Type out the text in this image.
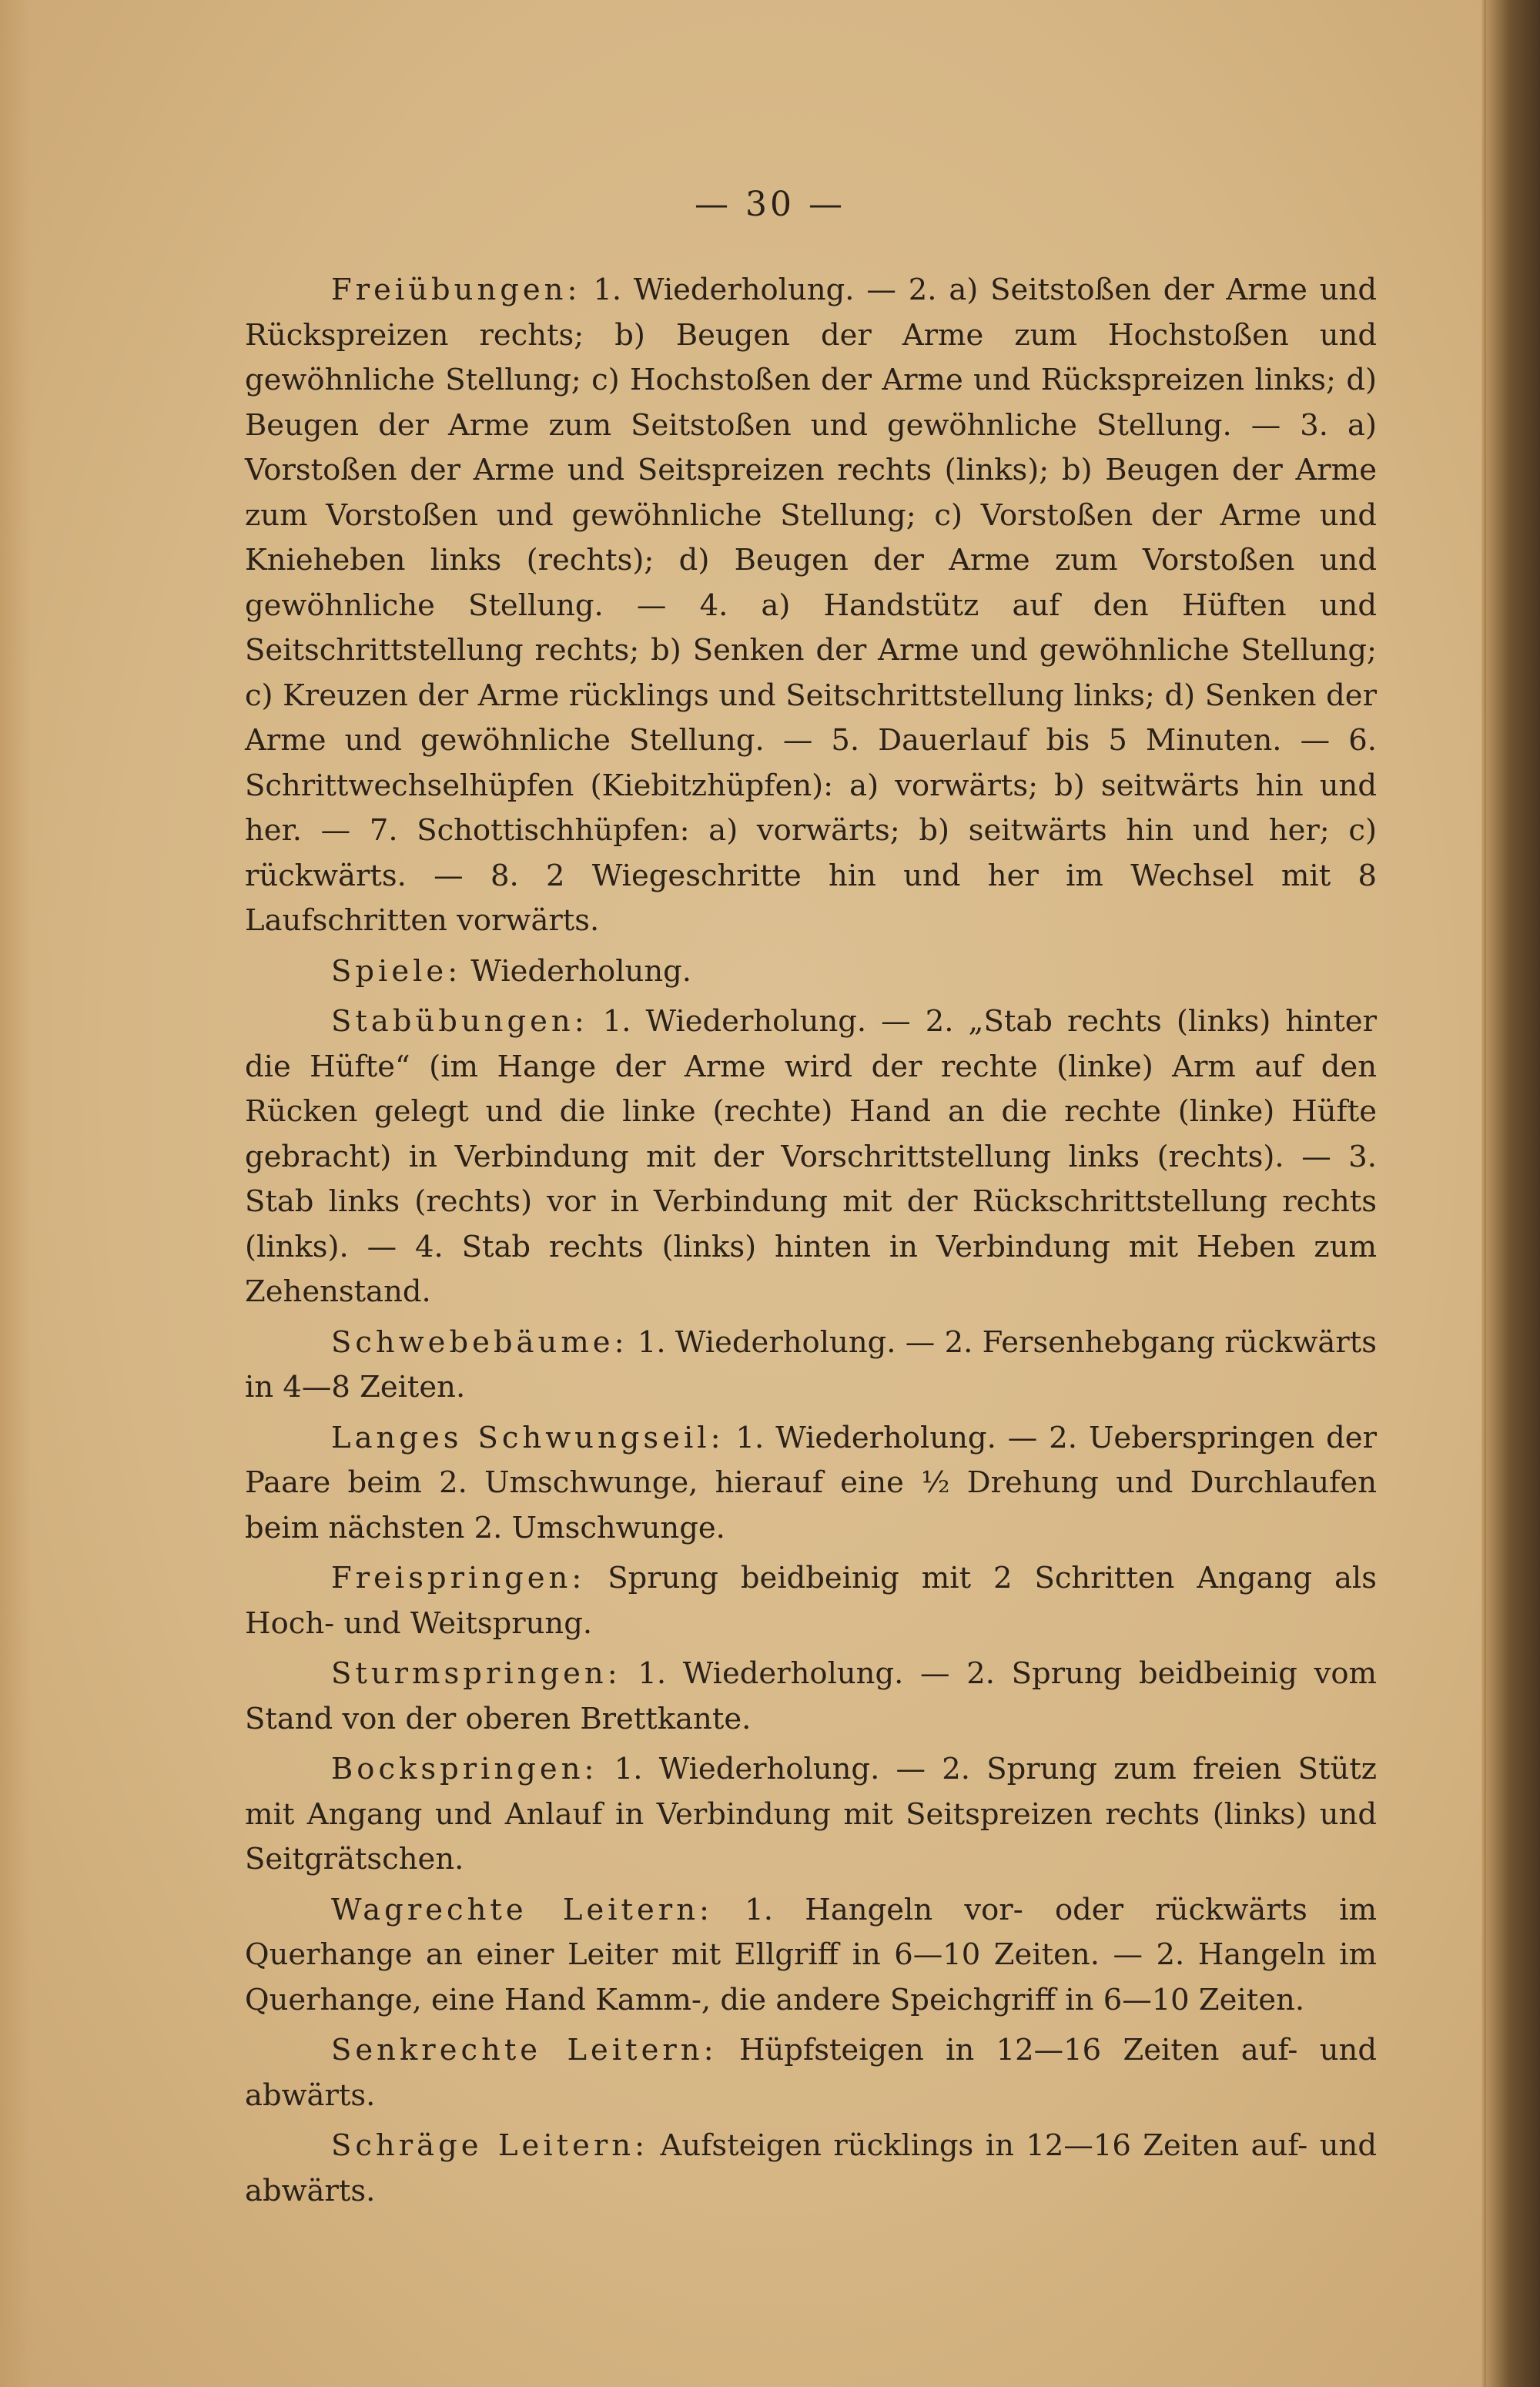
— 30 —

Freiübungen: 1. Wiederholung. — 2. a) Seitstoßen der Arme und Rückspreizen rechts; b) Beugen der Arme zum Hochstoßen und gewöhnliche Stellung; c) Hochstoßen der Arme und Rückspreizen links; d) Beugen der Arme zum Seitstoßen und gewöhnliche Stellung. — 3. a) Vorstoßen der Arme und Seitspreizen rechts (links); b) Beugen der Arme zum Vorstoßen und gewöhnliche Stellung; c) Vorstoßen der Arme und Knieheben links (rechts); d) Beugen der Arme zum Vorstoßen und gewöhnliche Stellung. — 4. a) Handstütz auf den Hüften und Seitschrittstellung rechts; b) Senken der Arme und gewöhnliche Stellung; c) Kreuzen der Arme rücklings und Seitschrittstellung links; d) Senken der Arme und gewöhnliche Stellung. — 5. Dauerlauf bis 5 Minuten. — 6. Schrittwechselhüpfen (Kiebitzhüpfen): a) vorwärts; b) seitwärts hin und her. — 7. Schottischhüpfen: a) vorwärts; b) seitwärts hin und her; c) rückwärts. — 8. 2 Wiegeschritte hin und her im Wechsel mit 8 Laufschritten vorwärts.

Spiele: Wiederholung.

Stabübungen: 1. Wiederholung. — 2. „Stab rechts (links) hinter die Hüfte“ (im Hange der Arme wird der rechte (linke) Arm auf den Rücken gelegt und die linke (rechte) Hand an die rechte (linke) Hüfte gebracht) in Verbindung mit der Vorschrittstellung links (rechts). — 3. Stab links (rechts) vor in Verbindung mit der Rückschrittstellung rechts (links). — 4. Stab rechts (links) hinten in Verbindung mit Heben zum Zehenstand.

Schwebebäume: 1. Wiederholung. — 2. Fersenhebgang rückwärts in 4—8 Zeiten.

Langes Schwungseil: 1. Wiederholung. — 2. Ueberspringen der Paare beim 2. Umschwunge, hierauf eine ½ Drehung und Durchlaufen beim nächsten 2. Umschwunge.

Freispringen: Sprung beidbeinig mit 2 Schritten Angang als Hoch- und Weitsprung.

Sturmspringen: 1. Wiederholung. — 2. Sprung beidbeinig vom Stand von der oberen Brettkante.

Bockspringen: 1. Wiederholung. — 2. Sprung zum freien Stütz mit Angang und Anlauf in Verbindung mit Seitspreizen rechts (links) und Seitgrätschen.

Wagrechte Leitern: 1. Hangeln vor- oder rückwärts im Querhange an einer Leiter mit Ellgriff in 6—10 Zeiten. — 2. Hangeln im Querhange, eine Hand Kamm-, die andere Speichgriff in 6—10 Zeiten.

Senkrechte Leitern: Hüpfsteigen in 12—16 Zeiten auf- und abwärts.

Schräge Leitern: Aufsteigen rücklings in 12—16 Zeiten auf- und abwärts.
